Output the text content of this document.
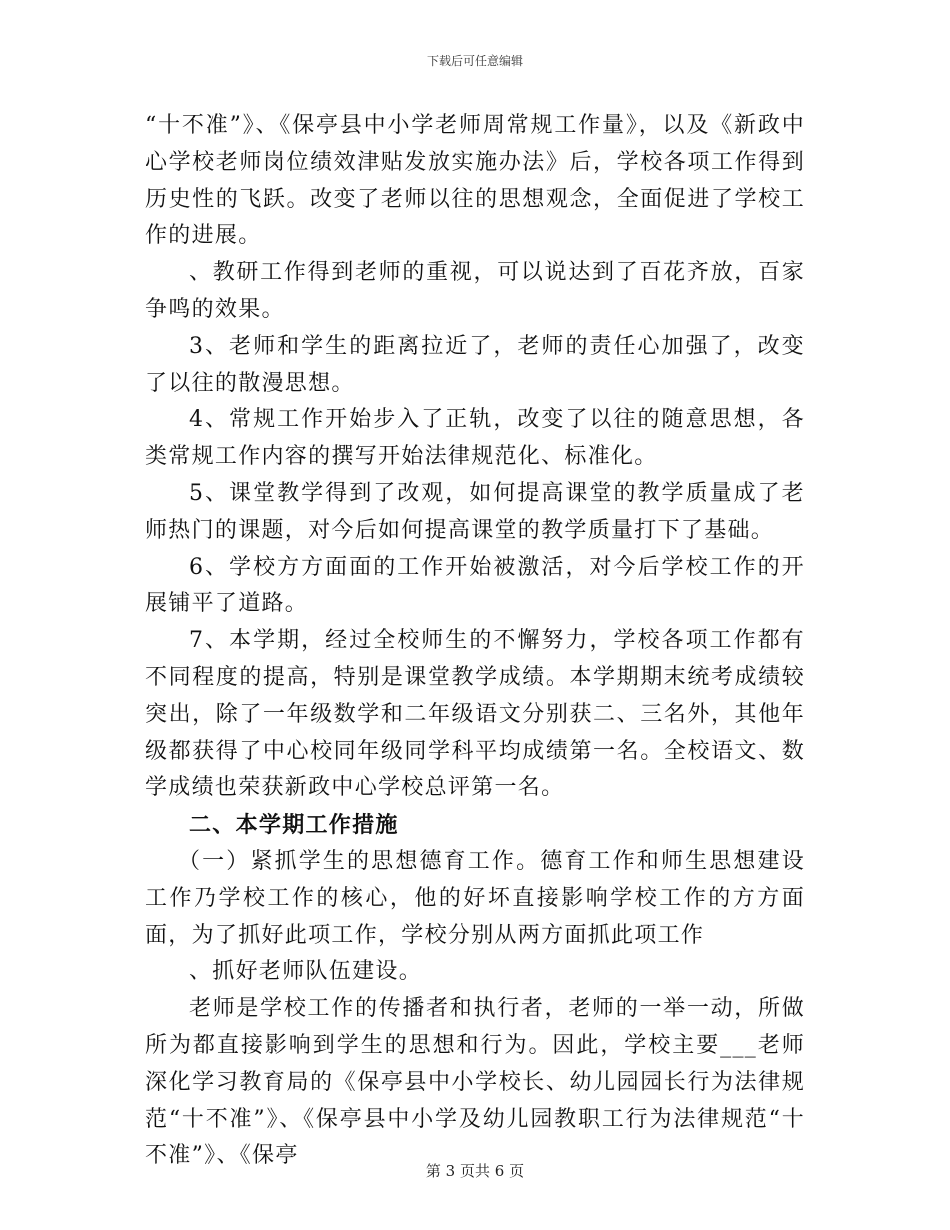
下载后可任意编辑

“十不准”》、《保亭县中小学老师周常规工作量》，以及《新政中心学校老师岗位绩效津贴发放实施办法》后，学校各项工作得到历史性的飞跃。改变了老师以往的思想观念，全面促进了学校工作的进展。

、教研工作得到老师的重视，可以说达到了百花齐放，百家争鸣的效果。

3、老师和学生的距离拉近了，老师的责任心加强了，改变了以往的散漫思想。

4、常规工作开始步入了正轨，改变了以往的随意思想，各类常规工作内容的撰写开始法律规范化、标准化。

5、课堂教学得到了改观，如何提高课堂的教学质量成了老师热门的课题，对今后如何提高课堂的教学质量打下了基础。

6、学校方方面面的工作开始被激活，对今后学校工作的开展铺平了道路。

7、本学期，经过全校师生的不懈努力，学校各项工作都有不同程度的提高，特别是课堂教学成绩。本学期期末统考成绩较突出，除了一年级数学和二年级语文分别获二、三名外，其他年级都获得了中心校同年级同学科平均成绩第一名。全校语文、数学成绩也荣获新政中心学校总评第一名。

二、本学期工作措施

（一）紧抓学生的思想德育工作。德育工作和师生思想建设工作乃学校工作的核心，他的好坏直接影响学校工作的方方面面，为了抓好此项工作，学校分别从两方面抓此项工作

、抓好老师队伍建设。

老师是学校工作的传播者和执行者，老师的一举一动，所做所为都直接影响到学生的思想和行为。因此，学校主要___老师深化学习教育局的《保亭县中小学校长、幼儿园园长行为法律规范“十不准”》、《保亭县中小学及幼儿园教职工行为法律规范“十不准”》、《保亭

第 3 页共 6 页
